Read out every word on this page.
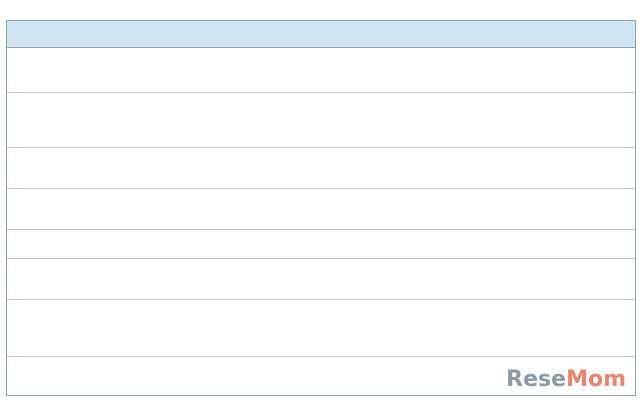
ReseMom
